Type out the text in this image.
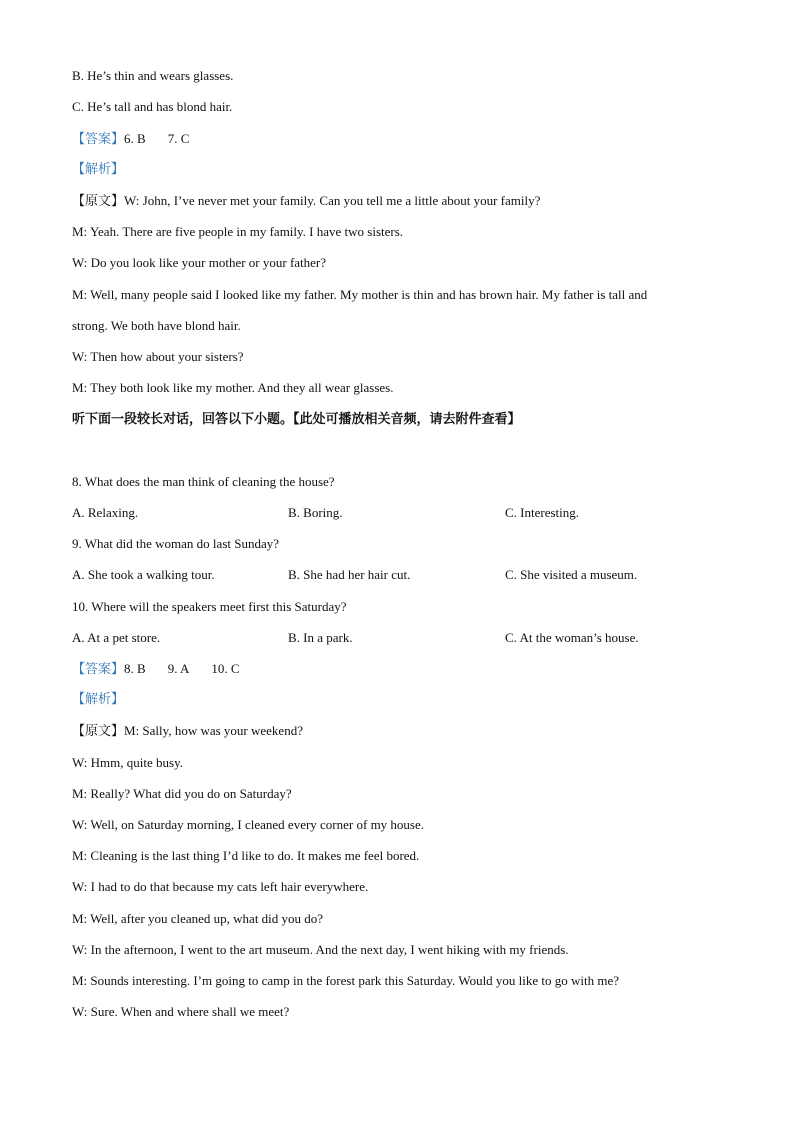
B. He’s thin and wears glasses.
C. He’s tall and has blond hair.
【答案】6. B 7. C
【解析】
【原文】W: John, I’ve never met your family. Can you tell me a little about your family?
M: Yeah. There are five people in my family. I have two sisters.
W: Do you look like your mother or your father?
M: Well, many people said I looked like my father. My mother is thin and has brown hair. My father is tall and
strong. We both have blond hair.
W: Then how about your sisters?
M: They both look like my mother. And they all wear glasses.
听下面一段较长对话，回答以下小题。【此处可播放相关音频，请去附件查看】
8. What does the man think of cleaning the house?
A. Relaxing.	B. Boring.	C. Interesting.
9. What did the woman do last Sunday?
A. She took a walking tour.	B. She had her hair cut.	C. She visited a museum.
10. Where will the speakers meet first this Saturday?
A. At a pet store.	B. In a park.	C. At the woman’s house.
【答案】8. B 9. A 10. C
【解析】
【原文】M: Sally, how was your weekend?
W: Hmm, quite busy.
M: Really? What did you do on Saturday?
W: Well, on Saturday morning, I cleaned every corner of my house.
M: Cleaning is the last thing I’d like to do. It makes me feel bored.
W: I had to do that because my cats left hair everywhere.
M: Well, after you cleaned up, what did you do?
W: In the afternoon, I went to the art museum. And the next day, I went hiking with my friends.
M: Sounds interesting. I’m going to camp in the forest park this Saturday. Would you like to go with me?
W: Sure. When and where shall we meet?
